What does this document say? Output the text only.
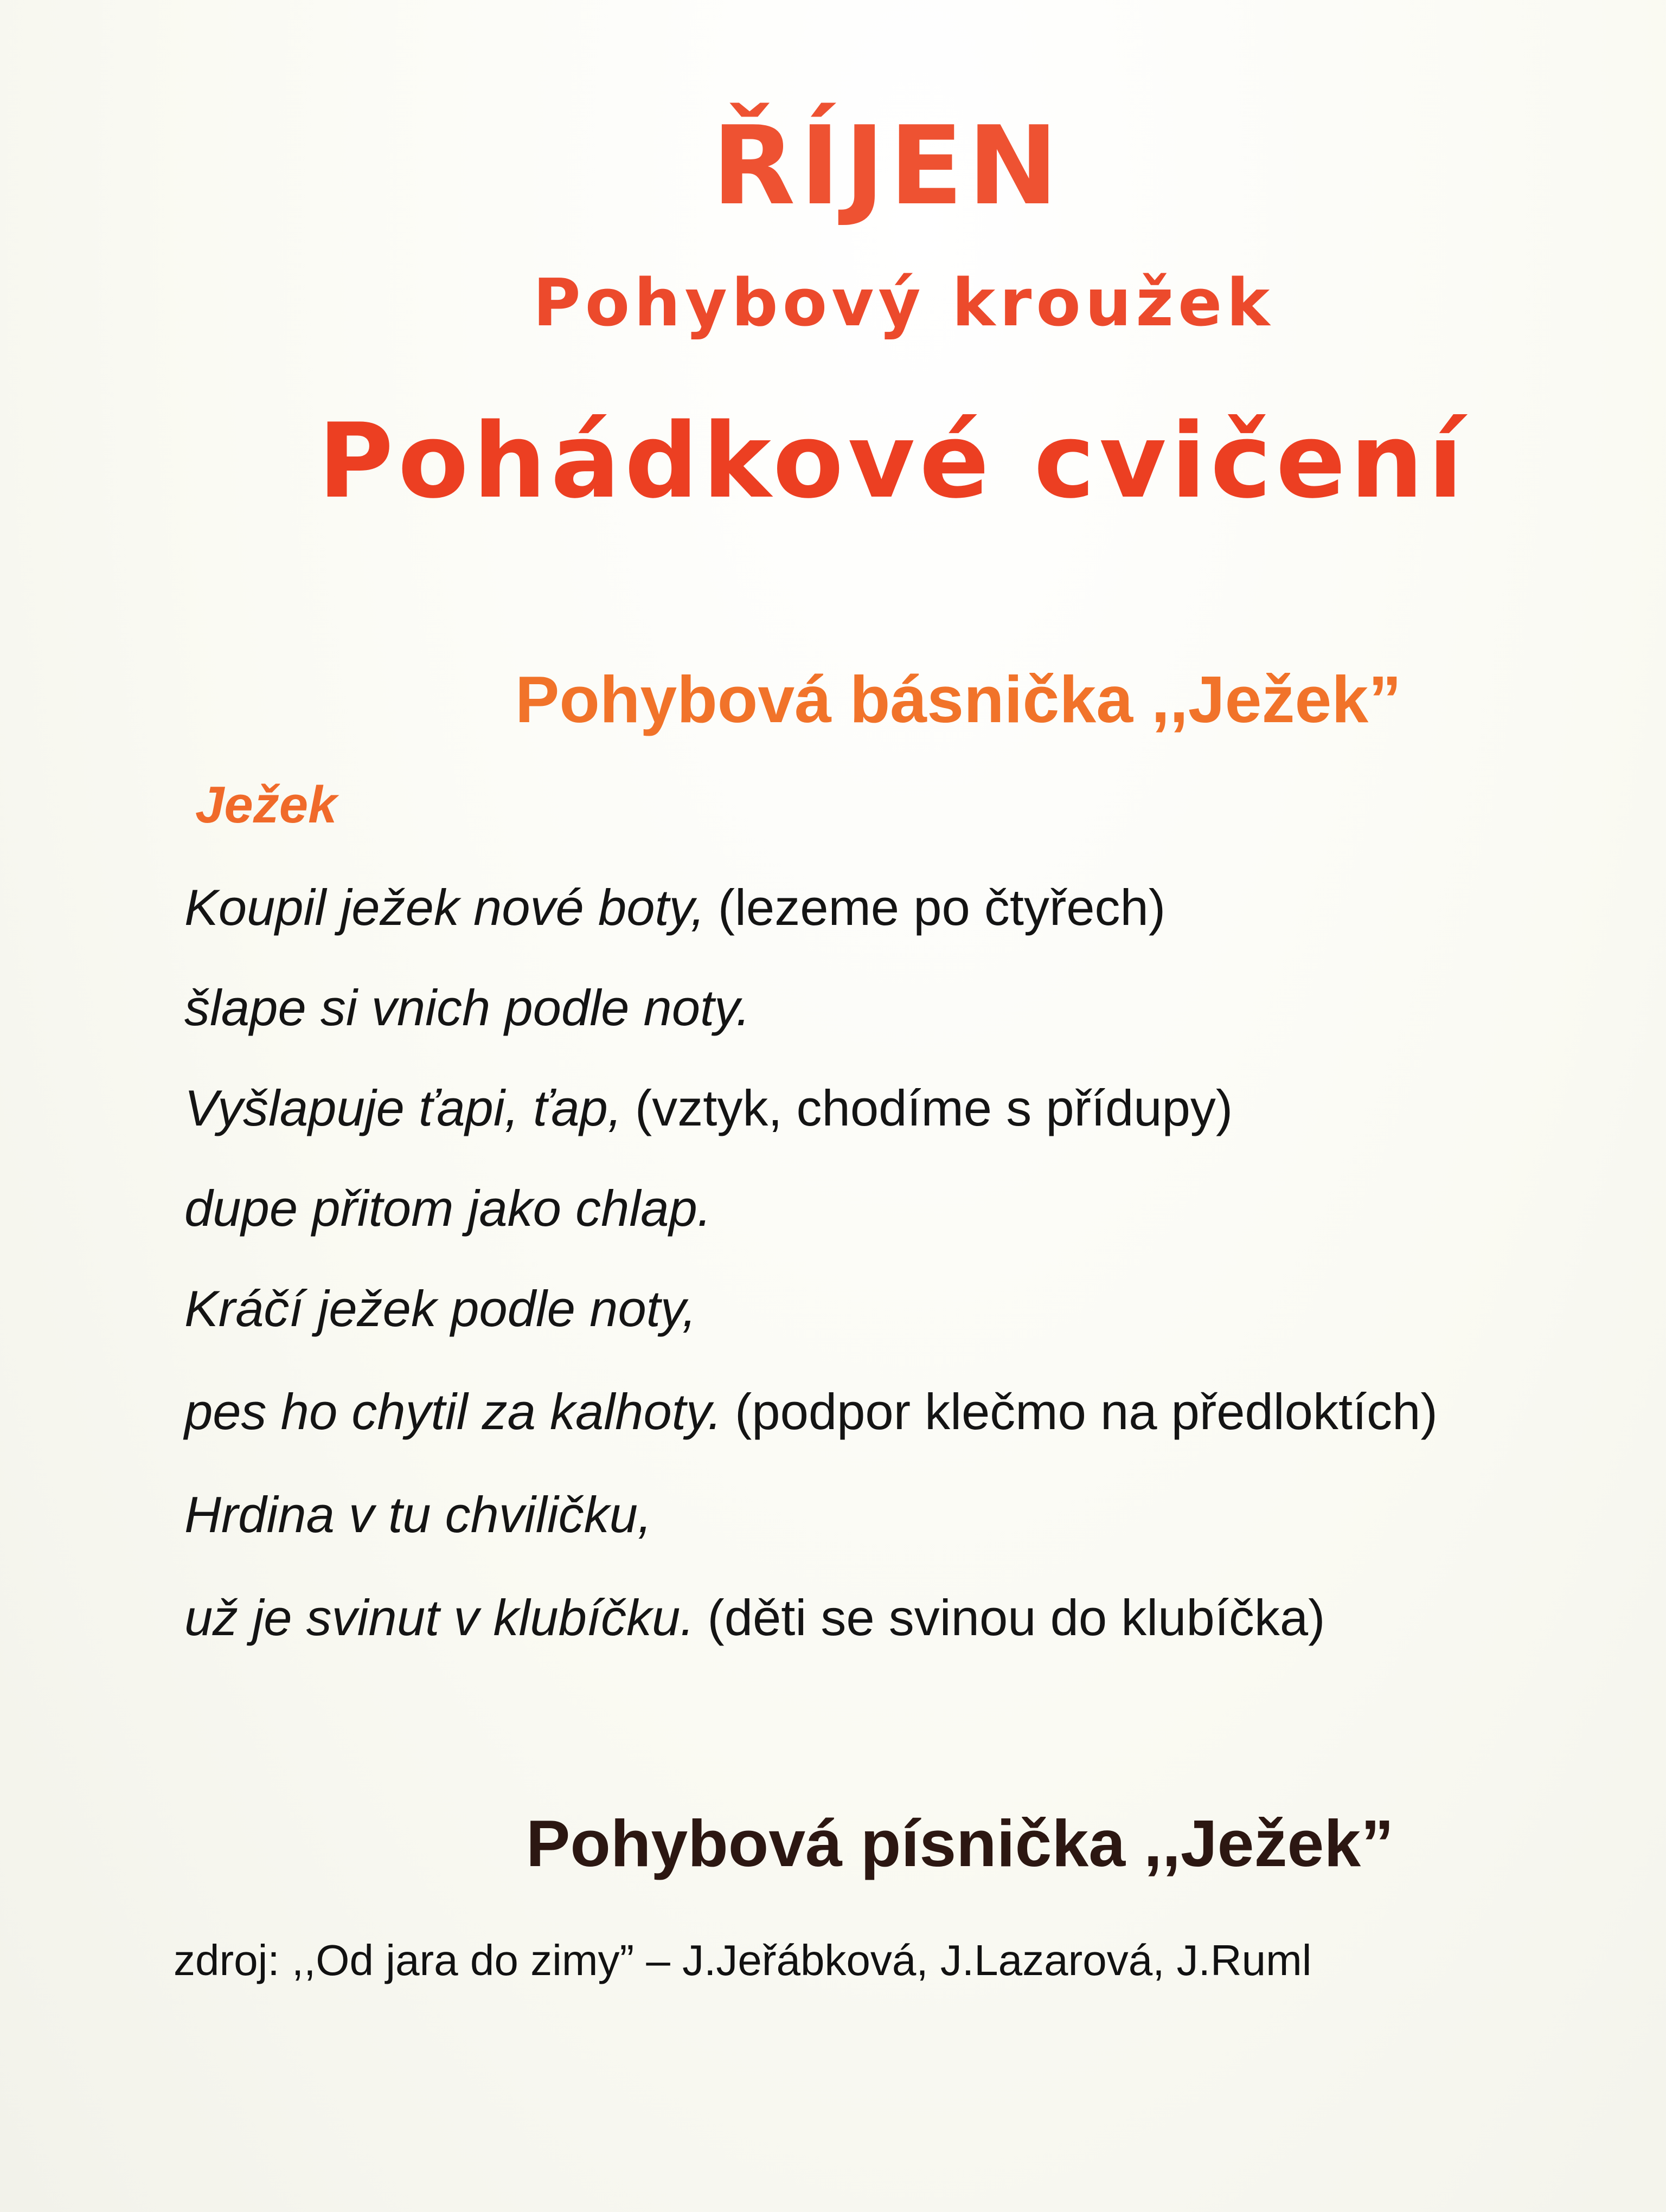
ŘÍJEN
Pohybový kroužek
Pohádkové cvičení
Pohybová básnička ,,Ježek”
Ježek
Koupil ježek nové boty, (lezeme po čtyřech)
šlape si vnich podle noty.
Vyšlapuje ťapi, ťap, (vztyk, chodíme s přídupy)
dupe přitom jako chlap.
Kráčí ježek podle noty,
pes ho chytil za kalhoty. (podpor klečmo na předloktích)
Hrdina v tu chviličku,
už je svinut v klubíčku. (děti se svinou do klubíčka)
Pohybová písnička ,,Ježek”
zdroj: ,,Od jara do zimy” – J.Jeřábková, J.Lazarová, J.Ruml
